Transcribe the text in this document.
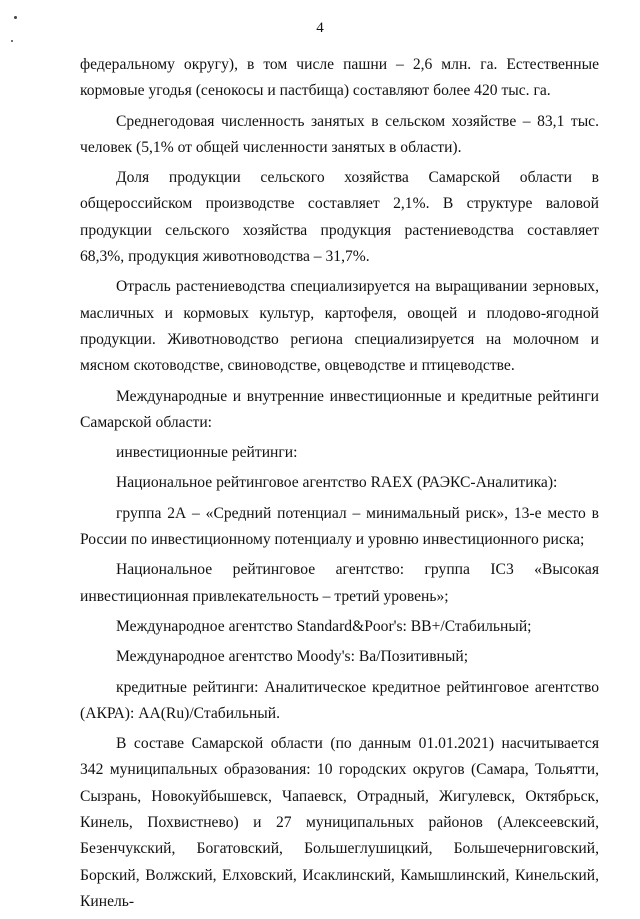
4

федеральному округу), в том числе пашни – 2,6 млн. га. Естественные кормовые угодья (сенокосы и пастбища) составляют более 420 тыс. га.

Среднегодовая численность занятых в сельском хозяйстве – 83,1 тыс. человек (5,1% от общей численности занятых в области).

Доля продукции сельского хозяйства Самарской области в общероссийском производстве составляет 2,1%. В структуре валовой продукции сельского хозяйства продукция растениеводства составляет 68,3%, продукция животноводства – 31,7%.

Отрасль растениеводства специализируется на выращивании зерновых, масличных и кормовых культур, картофеля, овощей и плодово-ягодной продукции. Животноводство региона специализируется на молочном и мясном скотоводстве, свиноводстве, овцеводстве и птицеводстве.

Международные и внутренние инвестиционные и кредитные рейтинги Самарской области:

инвестиционные рейтинги:

Национальное рейтинговое агентство RAEX (РАЭКС-Аналитика):

группа 2А – «Средний потенциал – минимальный риск», 13-е место в России по инвестиционному потенциалу и уровню инвестиционного риска;

Национальное рейтинговое агентство: группа IC3 «Высокая инвестиционная привлекательность – третий уровень»;

Международное агентство Standard&Poor's: BB+/Стабильный;

Международное агентство Moody's: Ba/Позитивный;

кредитные рейтинги: Аналитическое кредитное рейтинговое агентство (АКРА): AA(Ru)/Стабильный.

В составе Самарской области (по данным 01.01.2021) насчитывается 342 муниципальных образования: 10 городских округов (Самара, Тольятти, Сызрань, Новокуйбышевск, Чапаевск, Отрадный, Жигулевск, Октябрьск, Кинель, Похвистнево) и 27 муниципальных районов (Алексеевский, Безенчукский, Богатовский, Большеглушицкий, Большечерниговский, Борский, Волжский, Елховский, Исаклинский, Камышлинский, Кинельский, Кинель-
